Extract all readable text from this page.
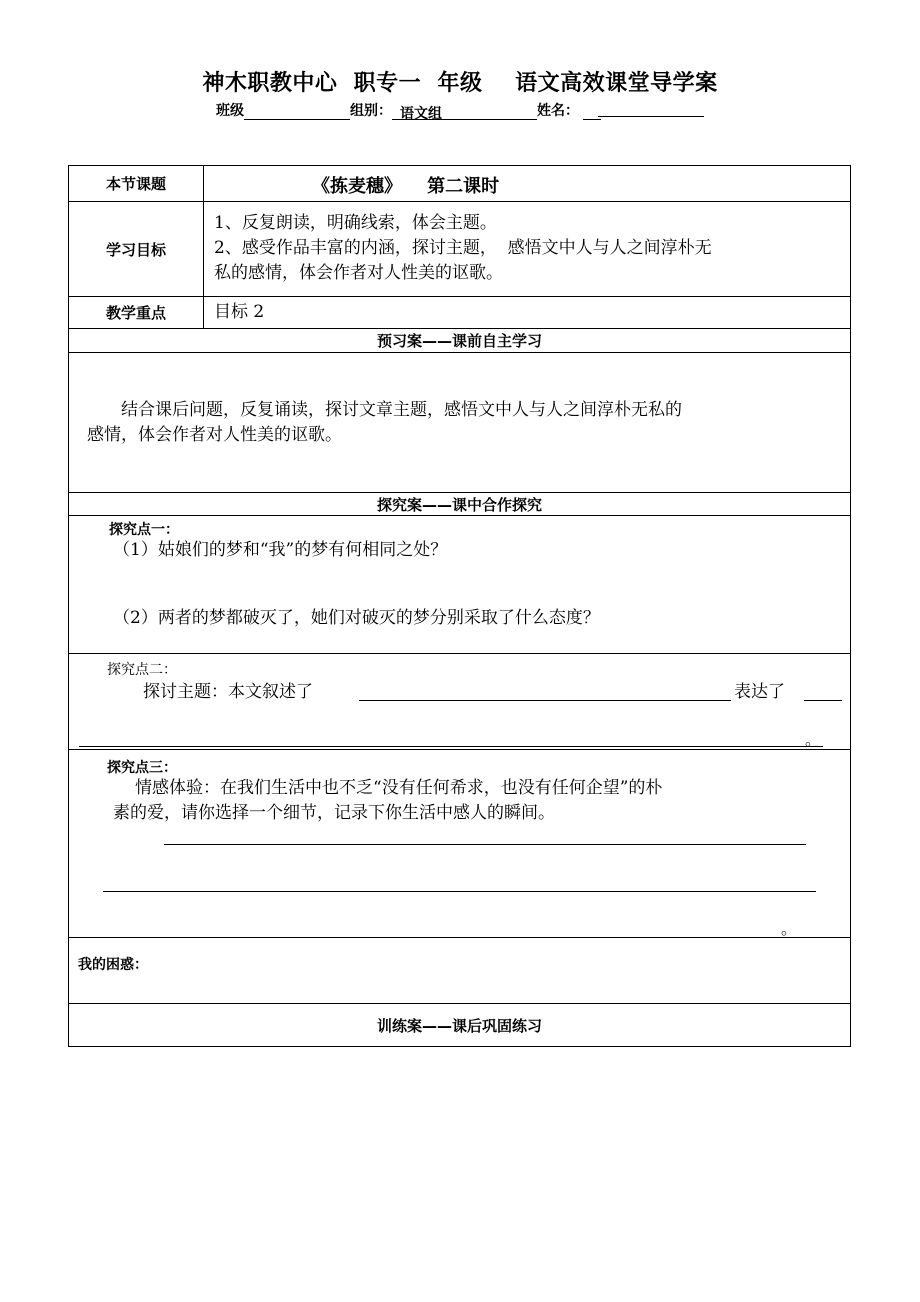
神木职教中心  职专一  年级    语文高效课堂导学案
班级	组别： 语文组	姓名：
本节课题	《拣麦穗》    第二课时
学习目标
1、反复朗读，明确线索，体会主题。
2、感受作品丰富的内涵，探讨主题，  感悟文中人与人之间淳朴无
私的感情，体会作者对人性美的讴歌。
教学重点	目标 2
预习案——课前自主学习
结合课后问题，反复诵读，探讨文章主题，感悟文中人与人之间淳朴无私的
感情，体会作者对人性美的讴歌。
探究案——课中合作探究
探究点一：
（1）姑娘们的梦和“我”的梦有何相同之处？
（2）两者的梦都破灭了，她们对破灭的梦分别采取了什么态度？
探究点二：
探讨主题：本文叙述了	表达了
。
探究点三：
情感体验：在我们生活中也不乏“没有任何希求，也没有任何企望”的朴
素的爱，请你选择一个细节，记录下你生活中感人的瞬间。
。
我的困惑：
训练案——课后巩固练习
